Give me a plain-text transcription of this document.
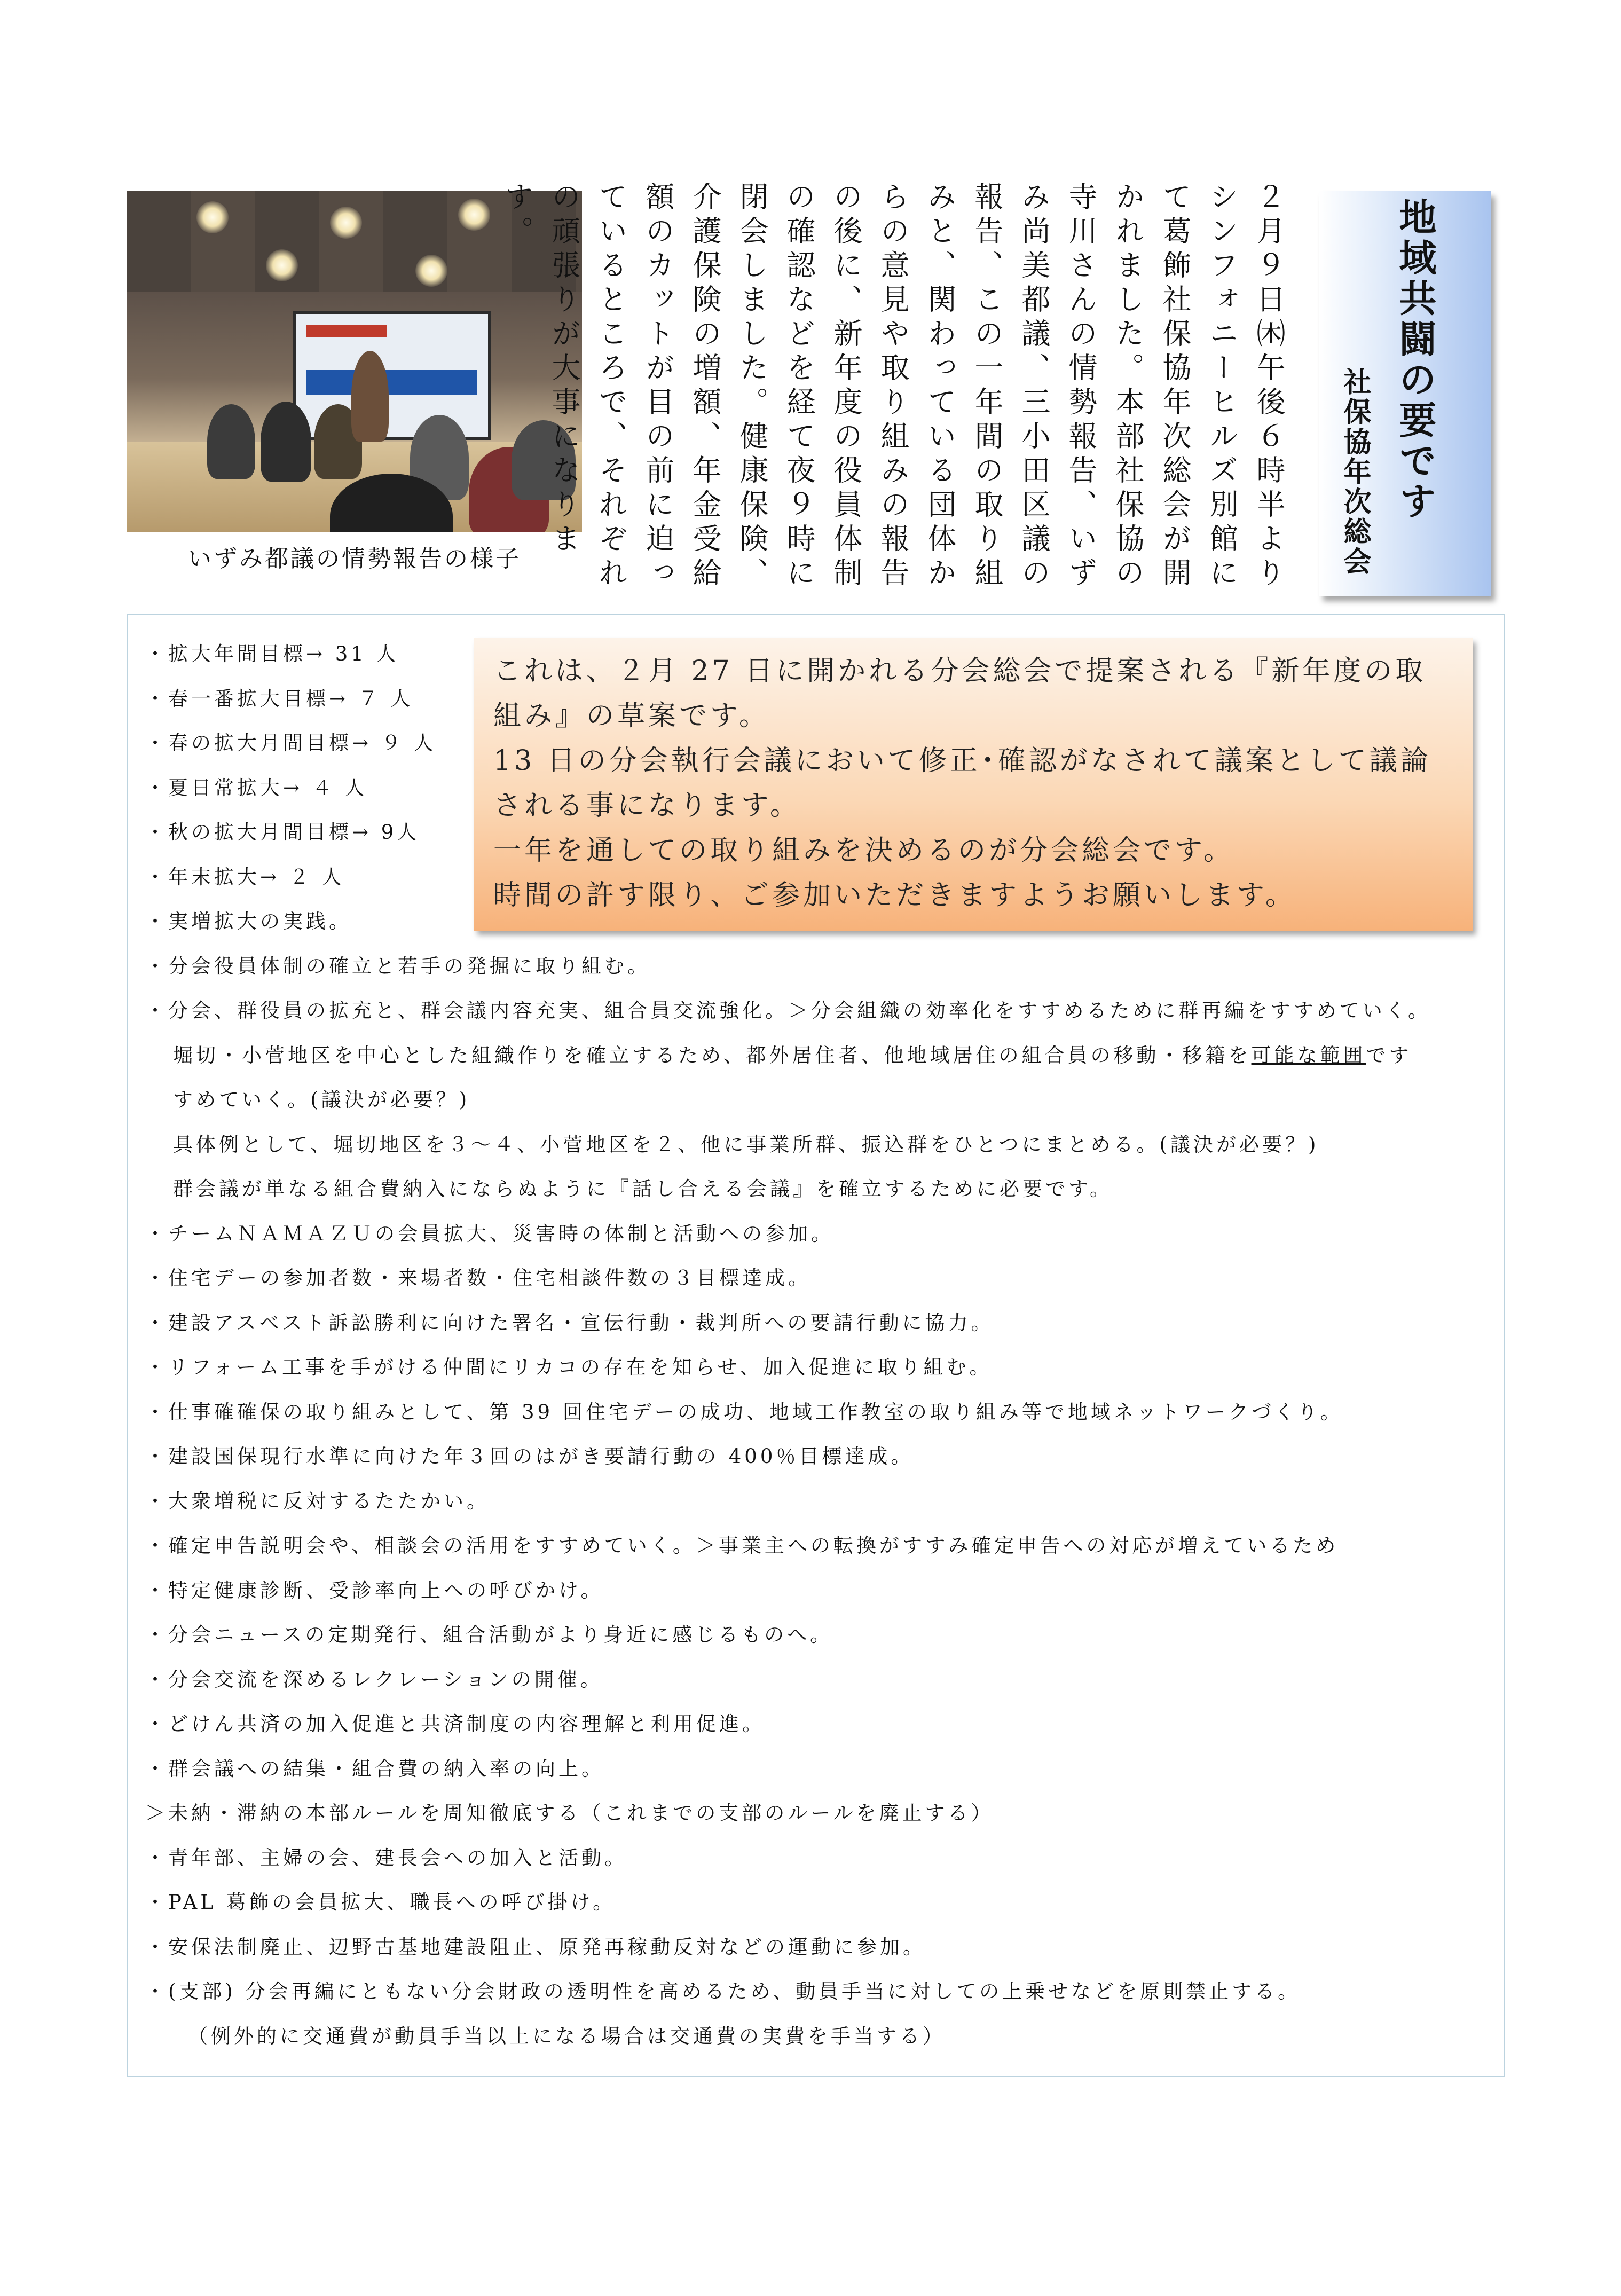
いずみ都議の情勢報告の様子	２月９日㈭午後６時半よりシンフォニーヒルズ別館にて葛飾社保協年次総会が開かれました。本部社保協の寺川さんの情勢報告、いずみ尚美都議、三小田区議の報告、この一年間の取り組みと、関わっている団体からの意見や取り組みの報告の後に、新年度の役員体制の確認などを経て夜９時に閉会しました。健康保険、介護保険の増額、年金受給額のカットが目の前に迫っているところで、それぞれの頑張りが大事になります。	地域共闘の要です
社保協年次総会
・拡大年間目標→ 31 人
・春一番拡大目標→ ７ 人
・春の拡大月間目標→ ９ 人
・夏日常拡大→ ４ 人
・秋の拡大月間目標→ 9人
・年末拡大→ ２ 人
・実増拡大の実践。
・分会役員体制の確立と若手の発掘に取り組む。
・分会、群役員の拡充と、群会議内容充実、組合員交流強化。＞分会組織の効率化をすすめるために群再編をすすめていく。
堀切・小菅地区を中心とした組織作りを確立するため、都外居住者、他地域居住の組合員の移動・移籍を可能な範囲です
すめていく。(議決が必要？)
具体例として、堀切地区を３～４、小菅地区を２、他に事業所群、振込群をひとつにまとめる。(議決が必要？)
群会議が単なる組合費納入にならぬように『話し合える会議』を確立するために必要です。
・チームＮＡＭＡＺＵの会員拡大、災害時の体制と活動への参加。
・住宅デーの参加者数・来場者数・住宅相談件数の３目標達成。
・建設アスベスト訴訟勝利に向けた署名・宣伝行動・裁判所への要請行動に協力。
・リフォーム工事を手がける仲間にリカコの存在を知らせ、加入促進に取り組む。
・仕事確確保の取り組みとして、第 39 回住宅デーの成功、地域工作教室の取り組み等で地域ネットワークづくり。
・建設国保現行水準に向けた年３回のはがき要請行動の 400％目標達成。
・大衆増税に反対するたたかい。
・確定申告説明会や、相談会の活用をすすめていく。＞事業主への転換がすすみ確定申告への対応が増えているため
・特定健康診断、受診率向上への呼びかけ。
・分会ニュースの定期発行、組合活動がより身近に感じるものへ。
・分会交流を深めるレクレーションの開催。
・どけん共済の加入促進と共済制度の内容理解と利用促進。
・群会議への結集・組合費の納入率の向上。
＞未納・滞納の本部ルールを周知徹底する（これまでの支部のルールを廃止する）
・青年部、主婦の会、建長会への加入と活動。
・PAL 葛飾の会員拡大、職長への呼び掛け。
・安保法制廃止、辺野古基地建設阻止、原発再稼動反対などの運動に参加。
・(支部) 分会再編にともない分会財政の透明性を高めるため、動員手当に対しての上乗せなどを原則禁止する。
（例外的に交通費が動員手当以上になる場合は交通費の実費を手当する）

これは、２月 27 日に開かれる分会総会で提案される『新年度の取組み』の草案です。

13 日の分会執行会議において修正･確認がなされて議案として議論される事になります。

一年を通しての取り組みを決めるのが分会総会です。

時間の許す限り、ご参加いただきますようお願いします。
